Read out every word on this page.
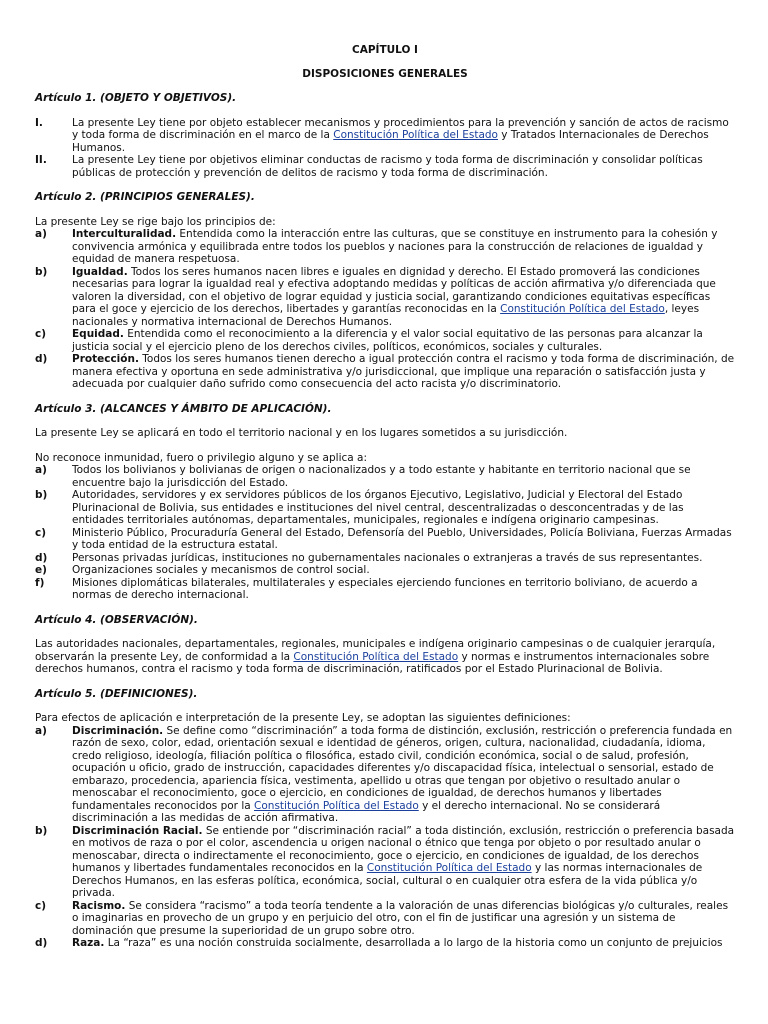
CAPÍTULO I

DISPOSICIONES GENERALES

Artículo 1. (OBJETO Y OBJETIVOS).

I.	La presente Ley tiene por objeto establecer mecanismos y procedimientos para la prevención y sanción de actos de racismo y toda forma de discriminación en el marco de la Constitución Política del Estado y Tratados Internacionales de Derechos Humanos.
II.	La presente Ley tiene por objetivos eliminar conductas de racismo y toda forma de discriminación y consolidar políticas públicas de protección y prevención de delitos de racismo y toda forma de discriminación.

Artículo 2. (PRINCIPIOS GENERALES).

La presente Ley se rige bajo los principios de:

a)	Interculturalidad. Entendida como la interacción entre las culturas, que se constituye en instrumento para la cohesión y convivencia armónica y equilibrada entre todos los pueblos y naciones para la construcción de relaciones de igualdad y equidad de manera respetuosa.
b)	Igualdad. Todos los seres humanos nacen libres e iguales en dignidad y derecho. El Estado promoverá las condiciones necesarias para lograr la igualdad real y efectiva adoptando medidas y políticas de acción afirmativa y/o diferenciada que valoren la diversidad, con el objetivo de lograr equidad y justicia social, garantizando condiciones equitativas específicas para el goce y ejercicio de los derechos, libertades y garantías reconocidas en la Constitución Política del Estado, leyes nacionales y normativa internacional de Derechos Humanos.
c)	Equidad. Entendida como el reconocimiento a la diferencia y el valor social equitativo de las personas para alcanzar la justicia social y el ejercicio pleno de los derechos civiles, políticos, económicos, sociales y culturales.
d)	Protección. Todos los seres humanos tienen derecho a igual protección contra el racismo y toda forma de discriminación, de manera efectiva y oportuna en sede administrativa y/o jurisdiccional, que implique una reparación o satisfacción justa y adecuada por cualquier daño sufrido como consecuencia del acto racista y/o discriminatorio.

Artículo 3. (ALCANCES Y ÁMBITO DE APLICACIÓN).

La presente Ley se aplicará en todo el territorio nacional y en los lugares sometidos a su jurisdicción.

No reconoce inmunidad, fuero o privilegio alguno y se aplica a:

a)	Todos los bolivianos y bolivianas de origen o nacionalizados y a todo estante y habitante en territorio nacional que se encuentre bajo la jurisdicción del Estado.
b)	Autoridades, servidores y ex servidores públicos de los órganos Ejecutivo, Legislativo, Judicial y Electoral del Estado Plurinacional de Bolivia, sus entidades e instituciones del nivel central, descentralizadas o desconcentradas y de las entidades territoriales autónomas, departamentales, municipales, regionales e indígena originario campesinas.
c)	Ministerio Público, Procuraduría General del Estado, Defensoría del Pueblo, Universidades, Policía Boliviana, Fuerzas Armadas y toda entidad de la estructura estatal.
d)	Personas privadas jurídicas, instituciones no gubernamentales nacionales o extranjeras a través de sus representantes.
e)	Organizaciones sociales y mecanismos de control social.
f)	Misiones diplomáticas bilaterales, multilaterales y especiales ejerciendo funciones en territorio boliviano, de acuerdo a normas de derecho internacional.

Artículo 4. (OBSERVACIÓN).

Las autoridades nacionales, departamentales, regionales, municipales e indígena originario campesinas o de cualquier jerarquía, observarán la presente Ley, de conformidad a la Constitución Política del Estado y normas e instrumentos internacionales sobre derechos humanos, contra el racismo y toda forma de discriminación, ratificados por el Estado Plurinacional de Bolivia.

Artículo 5. (DEFINICIONES).

Para efectos de aplicación e interpretación de la presente Ley, se adoptan las siguientes definiciones:

a)	Discriminación. Se define como “discriminación” a toda forma de distinción, exclusión, restricción o preferencia fundada en razón de sexo, color, edad, orientación sexual e identidad de géneros, origen, cultura, nacionalidad, ciudadanía, idioma, credo religioso, ideología, filiación política o filosófica, estado civil, condición económica, social o de salud, profesión, ocupación u oficio, grado de instrucción, capacidades diferentes y/o discapacidad física, intelectual o sensorial, estado de embarazo, procedencia, apariencia física, vestimenta, apellido u otras que tengan por objetivo o resultado anular o menoscabar el reconocimiento, goce o ejercicio, en condiciones de igualdad, de derechos humanos y libertades fundamentales reconocidos por la Constitución Política del Estado y el derecho internacional. No se considerará discriminación a las medidas de acción afirmativa.
b)	Discriminación Racial. Se entiende por “discriminación racial” a toda distinción, exclusión, restricción o preferencia basada en motivos de raza o por el color, ascendencia u origen nacional o étnico que tenga por objeto o por resultado anular o menoscabar, directa o indirectamente el reconocimiento, goce o ejercicio, en condiciones de igualdad, de los derechos humanos y libertades fundamentales reconocidos en la Constitución Política del Estado y las normas internacionales de Derechos Humanos, en las esferas política, económica, social, cultural o en cualquier otra esfera de la vida pública y/o privada.
c)	Racismo. Se considera “racismo” a toda teoría tendente a la valoración de unas diferencias biológicas y/o culturales, reales o imaginarias en provecho de un grupo y en perjuicio del otro, con el fin de justificar una agresión y un sistema de dominación que presume la superioridad de un grupo sobre otro.
d)	Raza. La “raza” es una noción construida socialmente, desarrollada a lo largo de la historia como un conjunto de prejuicios
